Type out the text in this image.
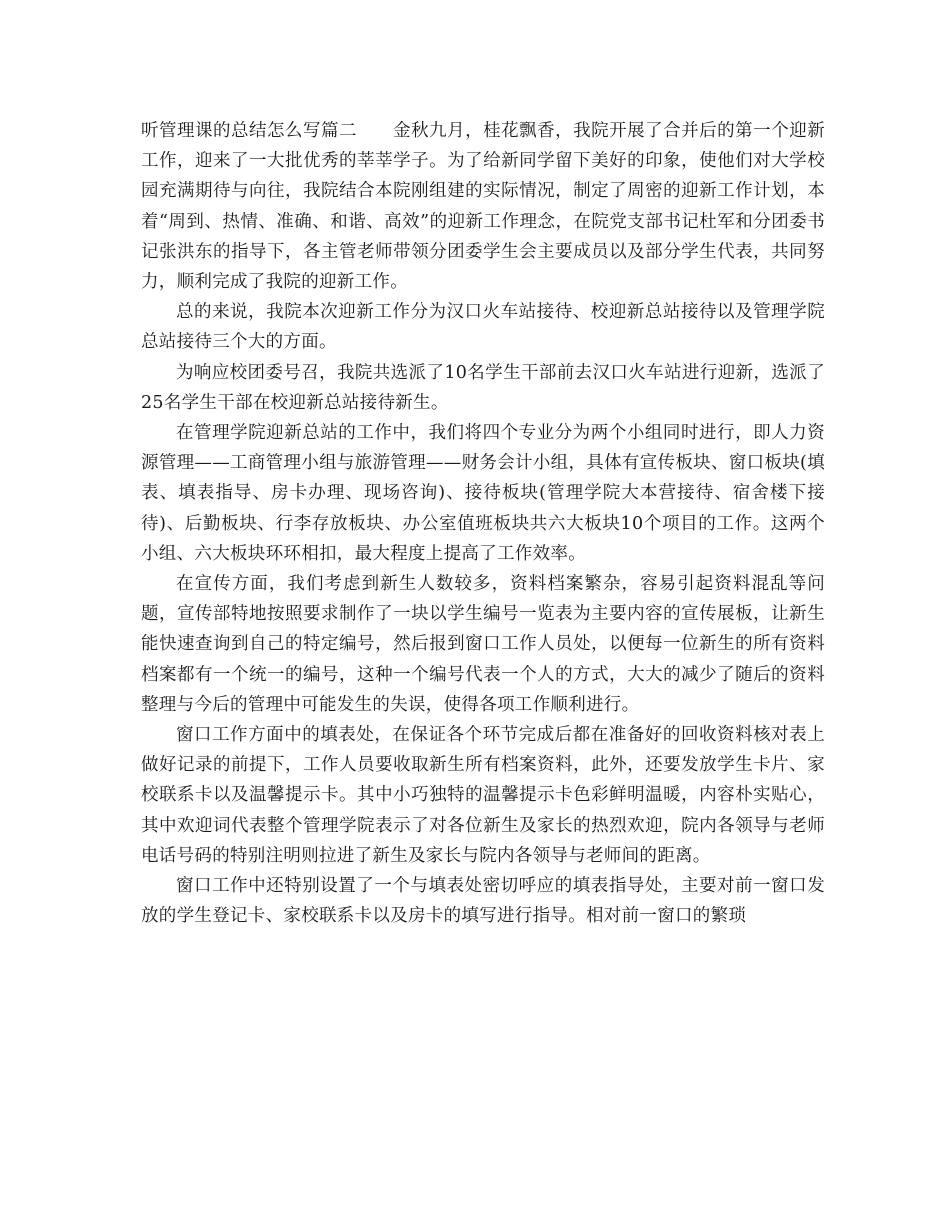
听管理课的总结怎么写篇二 金秋九月，桂花飘香，我院开展了合并后的第一个迎新工作，迎来了一大批优秀的莘莘学子。为了给新同学留下美好的印象，使他们对大学校园充满期待与向往，我院结合本院刚组建的实际情况，制定了周密的迎新工作计划，本着“周到、热情、准确、和谐、高效”的迎新工作理念，在院党支部书记杜军和分团委书记张洪东的指导下，各主管老师带领分团委学生会主要成员以及部分学生代表，共同努力，顺利完成了我院的迎新工作。

总的来说，我院本次迎新工作分为汉口火车站接待、校迎新总站接待以及管理学院总站接待三个大的方面。

为响应校团委号召，我院共选派了10名学生干部前去汉口火车站进行迎新，选派了25名学生干部在校迎新总站接待新生。

在管理学院迎新总站的工作中，我们将四个专业分为两个小组同时进行，即人力资源管理——工商管理小组与旅游管理——财务会计小组，具体有宣传板块、窗口板块(填表、填表指导、房卡办理、现场咨询)、接待板块(管理学院大本营接待、宿舍楼下接待)、后勤板块、行李存放板块、办公室值班板块共六大板块10个项目的工作。这两个小组、六大板块环环相扣，最大程度上提高了工作效率。

在宣传方面，我们考虑到新生人数较多，资料档案繁杂，容易引起资料混乱等问题，宣传部特地按照要求制作了一块以学生编号一览表为主要内容的宣传展板，让新生能快速查询到自己的特定编号，然后报到窗口工作人员处，以便每一位新生的所有资料档案都有一个统一的编号，这种一个编号代表一个人的方式，大大的减少了随后的资料整理与今后的管理中可能发生的失误，使得各项工作顺利进行。

窗口工作方面中的填表处，在保证各个环节完成后都在准备好的回收资料核对表上做好记录的前提下，工作人员要收取新生所有档案资料，此外，还要发放学生卡片、家校联系卡以及温馨提示卡。其中小巧独特的温馨提示卡色彩鲜明温暖，内容朴实贴心，其中欢迎词代表整个管理学院表示了对各位新生及家长的热烈欢迎，院内各领导与老师电话号码的特别注明则拉进了新生及家长与院内各领导与老师间的距离。

窗口工作中还特别设置了一个与填表处密切呼应的填表指导处，主要对前一窗口发放的学生登记卡、家校联系卡以及房卡的填写进行指导。相对前一窗口的繁琐
